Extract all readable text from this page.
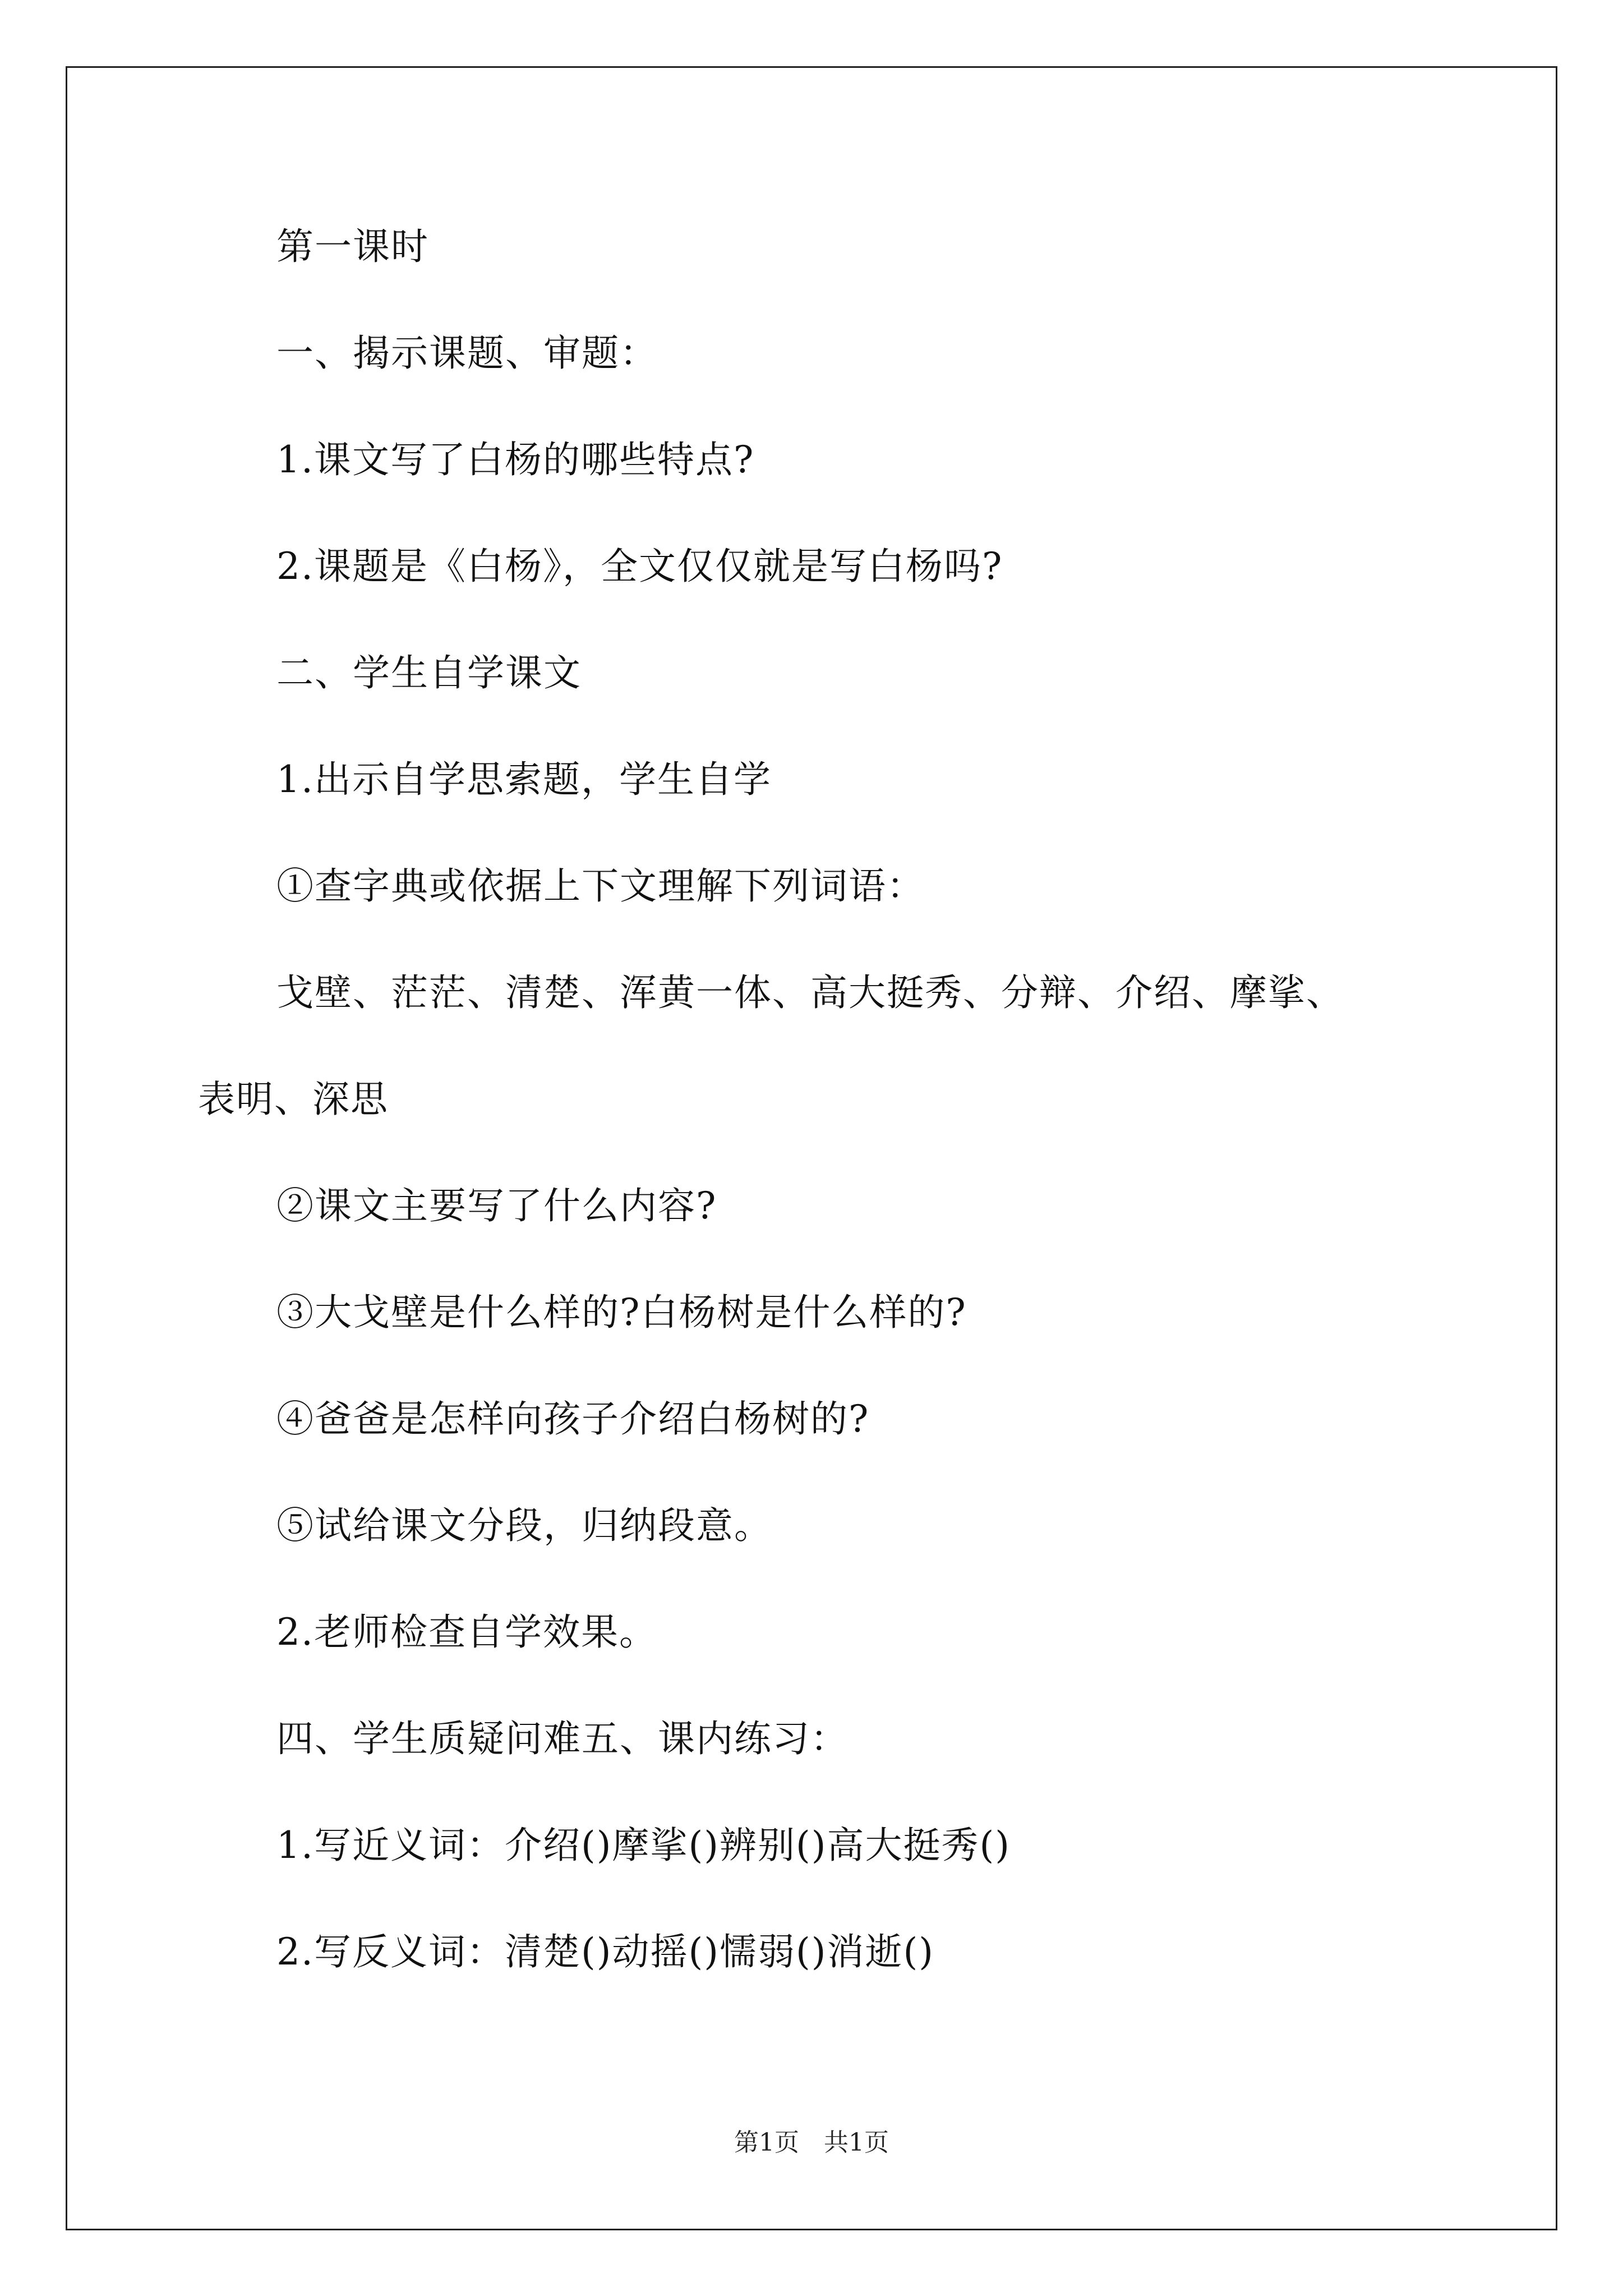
第一课时
一、揭示课题、审题：
1.课文写了白杨的哪些特点?
2.课题是《白杨》，全文仅仅就是写白杨吗?
二、学生自学课文
1.出示自学思索题，学生自学
①查字典或依据上下文理解下列词语：
戈壁、茫茫、清楚、浑黄一体、高大挺秀、分辩、介绍、摩挲、
表明、深思
②课文主要写了什么内容?
③大戈壁是什么样的?白杨树是什么样的?
④爸爸是怎样向孩子介绍白杨树的?
⑤试给课文分段，归纳段意。
2.老师检查自学效果。
四、学生质疑问难五、课内练习：
1.写近义词：介绍()摩挲()辨别()高大挺秀()
2.写反义词：清楚()动摇()懦弱()消逝()
第1页　共1页
